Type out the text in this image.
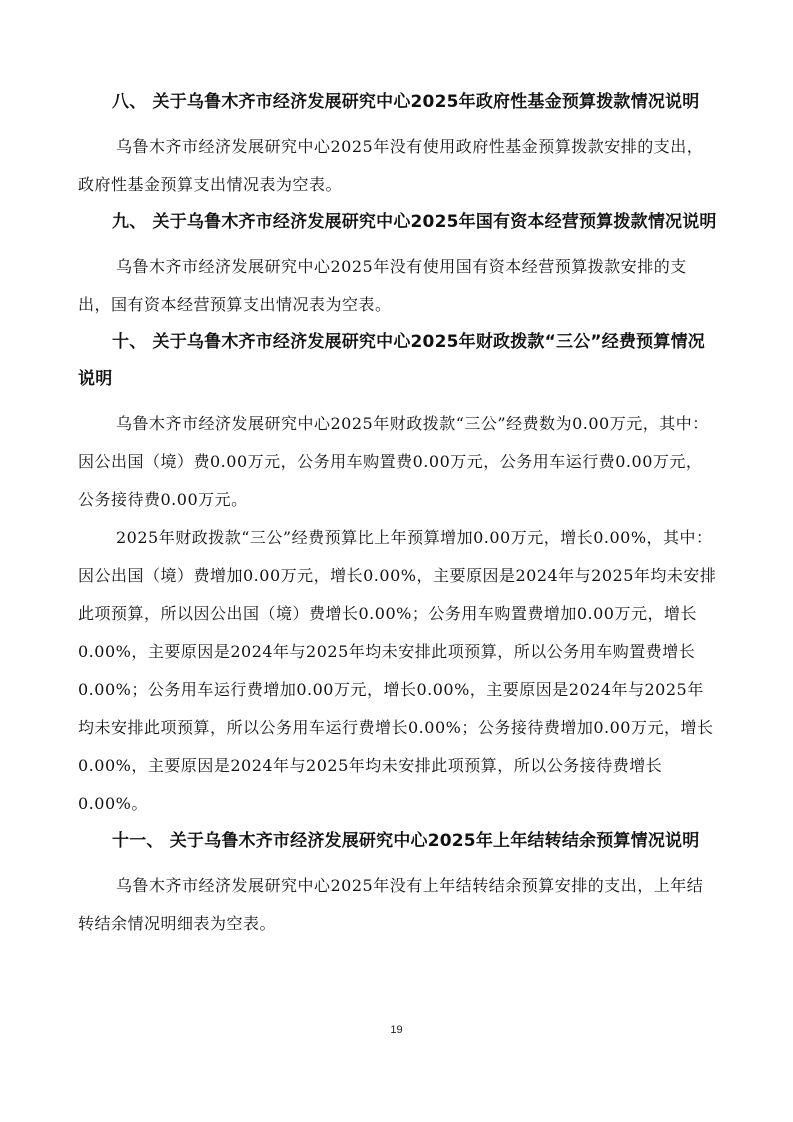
八、 关于乌鲁木齐市经济发展研究中心2025年政府性基金预算拨款情况说明

乌鲁木齐市经济发展研究中心2025年没有使用政府性基金预算拨款安排的支出，政府性基金预算支出情况表为空表。

九、 关于乌鲁木齐市经济发展研究中心2025年国有资本经营预算拨款情况说明

乌鲁木齐市经济发展研究中心2025年没有使用国有资本经营预算拨款安排的支出，国有资本经营预算支出情况表为空表。

十、 关于乌鲁木齐市经济发展研究中心2025年财政拨款“三公”经费预算情况说明

乌鲁木齐市经济发展研究中心2025年财政拨款“三公”经费数为0.00万元，其中：因公出国（境）费0.00万元，公务用车购置费0.00万元，公务用车运行费0.00万元，公务接待费0.00万元。

2025年财政拨款“三公”经费预算比上年预算增加0.00万元，增长0.00%，其中：因公出国（境）费增加0.00万元，增长0.00%，主要原因是2024年与2025年均未安排此项预算，所以因公出国（境）费增长0.00%；公务用车购置费增加0.00万元，增长0.00%，主要原因是2024年与2025年均未安排此项预算，所以公务用车购置费增长0.00%；公务用车运行费增加0.00万元，增长0.00%，主要原因是2024年与2025年均未安排此项预算，所以公务用车运行费增长0.00%；公务接待费增加0.00万元，增长0.00%，主要原因是2024年与2025年均未安排此项预算，所以公务接待费增长0.00%。

十一、 关于乌鲁木齐市经济发展研究中心2025年上年结转结余预算情况说明

乌鲁木齐市经济发展研究中心2025年没有上年结转结余预算安排的支出，上年结转结余情况明细表为空表。

19
